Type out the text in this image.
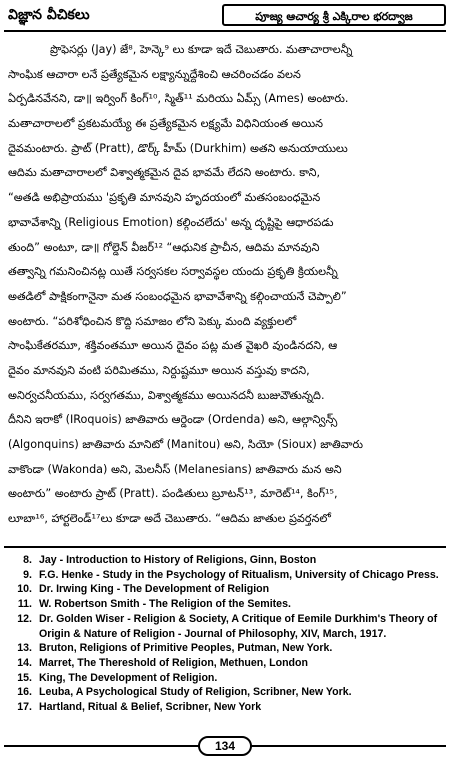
విజ్ఞాన వీచికలు	పూజ్య ఆచార్య శ్రీ ఎక్కిరాల భరద్వాజ
ప్రొఫెసర్లు (Jay) జే⁸, హెన్కె⁹ లు కూడా ఇదే చెబుతారు. మతాచారాలన్నీ
సాంఘిక ఆచారా లనే ప్రత్యేకమైన లక్ష్యాన్నుద్దేశించి ఆచరించడం వలన
ఏర్పడినవేనని, డా॥ ఇర్వింగ్ కింగ్¹⁰, స్మిత్¹¹ మరియు ఏమ్స్ (Ames) అంటారు.
మతాచారాలలో ప్రకటమయ్యే ఈ ప్రత్యేకమైన లక్ష్యమే విధినియంత అయిన
దైవమంటారు. ప్రాట్ (Pratt), డొర్క్ హీమ్ (Durkhim) అతని అనుయాయులు
ఆదిమ మతాచారాలలో విశ్వాత్మకమైన దైవ భావమే లేదని అంటారు. కాని,
“అతడి అభిప్రాయము 'ప్రకృతి మానవుని హృదయంలో మతసంబంధమైన
భావావేశాన్ని (Religious Emotion) కల్గించలేదు' అన్న దృష్టిపై ఆధారపడు
తుంది” అంటూ, డా॥ గోల్డెన్ వీజర్¹² “ఆధునిక ప్రాచీన, ఆదిమ మానవుని
తత్వాన్ని గమనించినట్ల యితే సర్వసకల సర్వావస్థల యందు ప్రకృతి క్రియలన్నీ
అతడిలో పాక్షికంగానైనా మత సంబంధమైన భావావేశాన్ని కల్గించాయనే చెప్పాలి”
అంటారు. “పరిశోధించిన కొద్ది సమాజం లోని పెక్కు మంది వ్యక్తులలో
సాంఘికేతరమూ, శక్తివంతమూ అయిన దైవం పట్ల మత వైఖరి వుండినదని, ఆ
దైవం మానవుని వంటి పరిమితము, నిర్దుష్టమూ అయిన వస్తువు కాదని,
అనిర్వచనీయము, సర్వగతము, విశ్వాత్మకము అయినదనీ బుజువౌతున్నది.
దీనిని ఇరాకో (IRoquois) జాతివారు ఆర్డెండా (Ordenda) అని, ఆల్గాన్విన్స్
(Algonquins) జాతివారు మానిటో (Manitou) అని, సియో (Sioux) జాతివారు
వాకొండా (Wakonda) అని, మెలనీస్ (Melanesians) జాతివారు మన అని
అంటారు” అంటారు ప్రాట్ (Pratt). పండితులు బ్రూటన్¹³, మారెట్¹⁴, కింగ్¹⁵,
లూబా¹⁶, హార్టలెండ్¹⁷లు కూడా అదే చెబుతారు. “ఆదిమ జాతుల ప్రవర్తనలో
8. Jay - Introduction to History of Religions, Ginn, Boston
9. F.G. Henke - Study in the Psychology of Ritualism, University of Chicago Press.
10. Dr. Irwing King - The Development of Religion
11. W. Robertson Smith - The Religion of the Semites.
12. Dr. Golden Wiser - Religion & Society, A Critique of Eemile Durkhim's Theory of Origin & Nature of Religion - Journal of Philosophy, XIV, March, 1917.
13. Bruton, Religions of Primitive Peoples, Putman, New York.
14. Marret, The Thereshold of Religion, Methuen, London
15. King, The Development of Religion.
16. Leuba, A Psychological Study of Religion, Scribner, New York.
17. Hartland, Ritual & Belief, Scribner, New York
134
